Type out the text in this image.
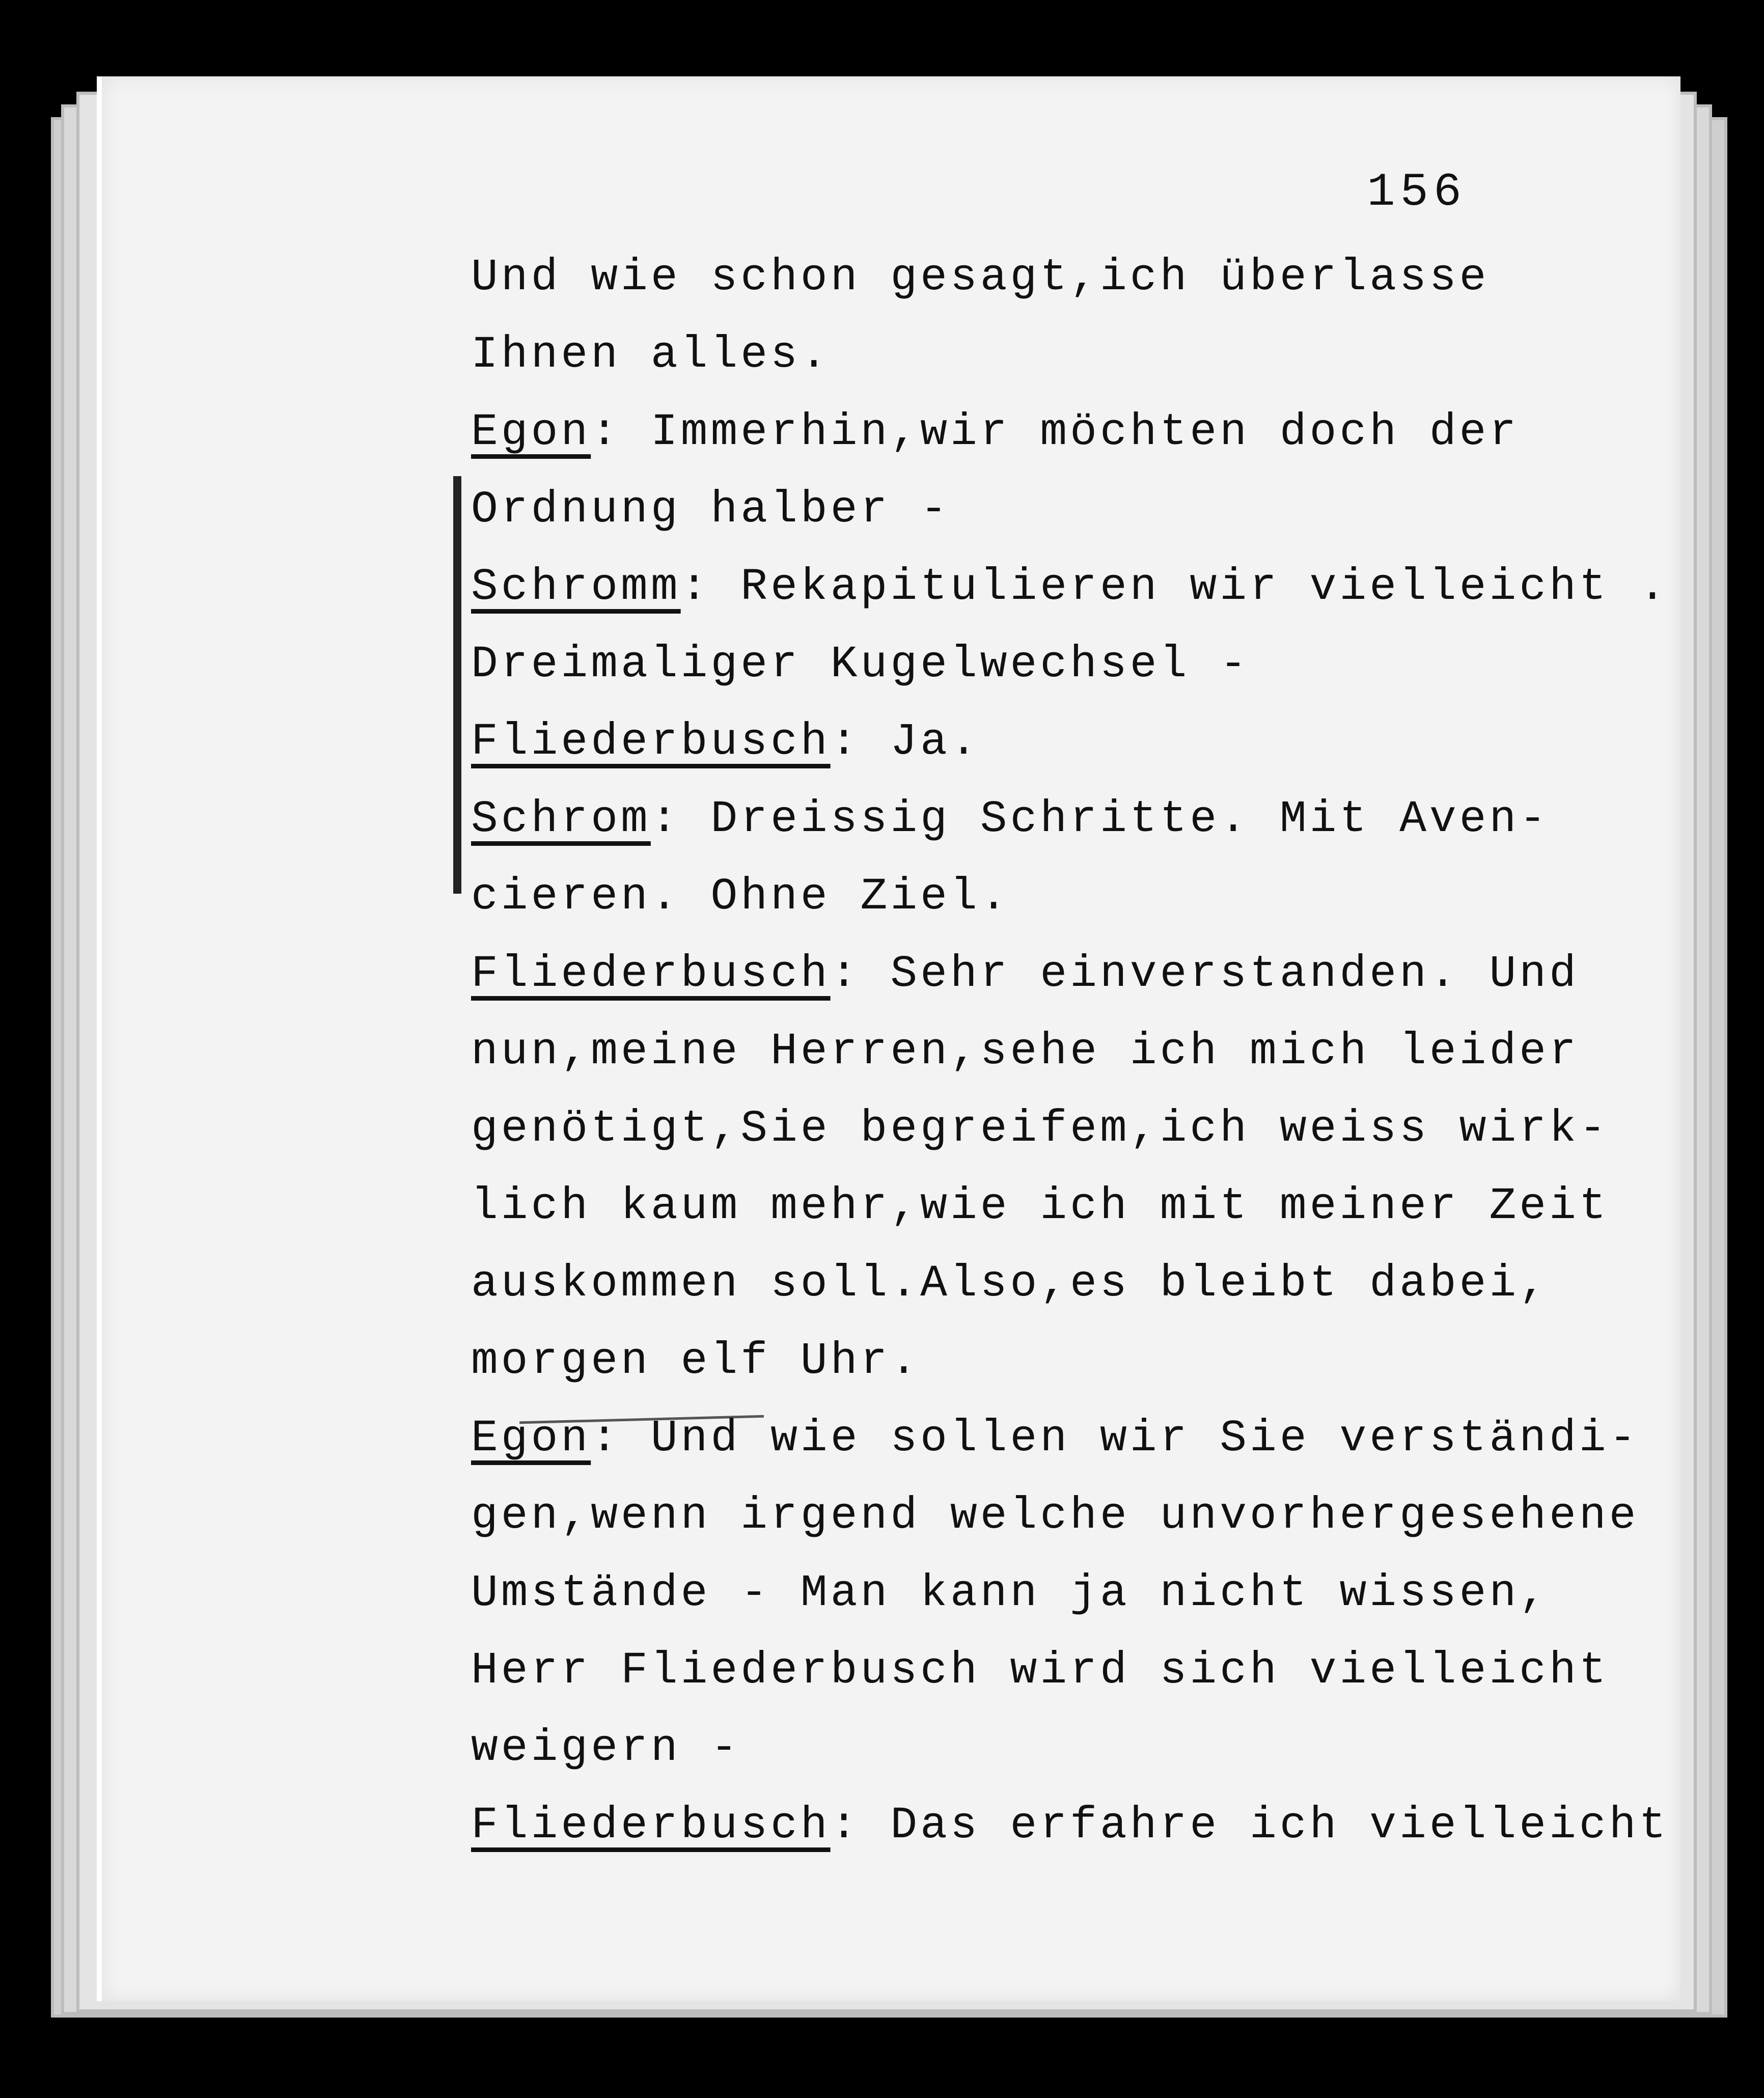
156
Und wie schon gesagt,ich überlasse
Ihnen alles.
Egon: Immerhin,wir möchten doch der
Ordnung halber -
Schromm: Rekapitulieren wir vielleicht .
Dreimaliger Kugelwechsel -
Fliederbusch: Ja.
Schrom: Dreissig Schritte. Mit Aven-
cieren. Ohne Ziel.
Fliederbusch: Sehr einverstanden. Und
nun,meine Herren,sehe ich mich leider
genötigt,Sie begreifem,ich weiss wirk-
lich kaum mehr,wie ich mit meiner Zeit
auskommen soll.Also,es bleibt dabei,
morgen elf Uhr.
Egon: Und wie sollen wir Sie verständi-
gen,wenn irgend welche unvorhergesehene
Umstände - Man kann ja nicht wissen,
Herr Fliederbusch wird sich vielleicht
weigern -
Fliederbusch: Das erfahre ich vielleicht
